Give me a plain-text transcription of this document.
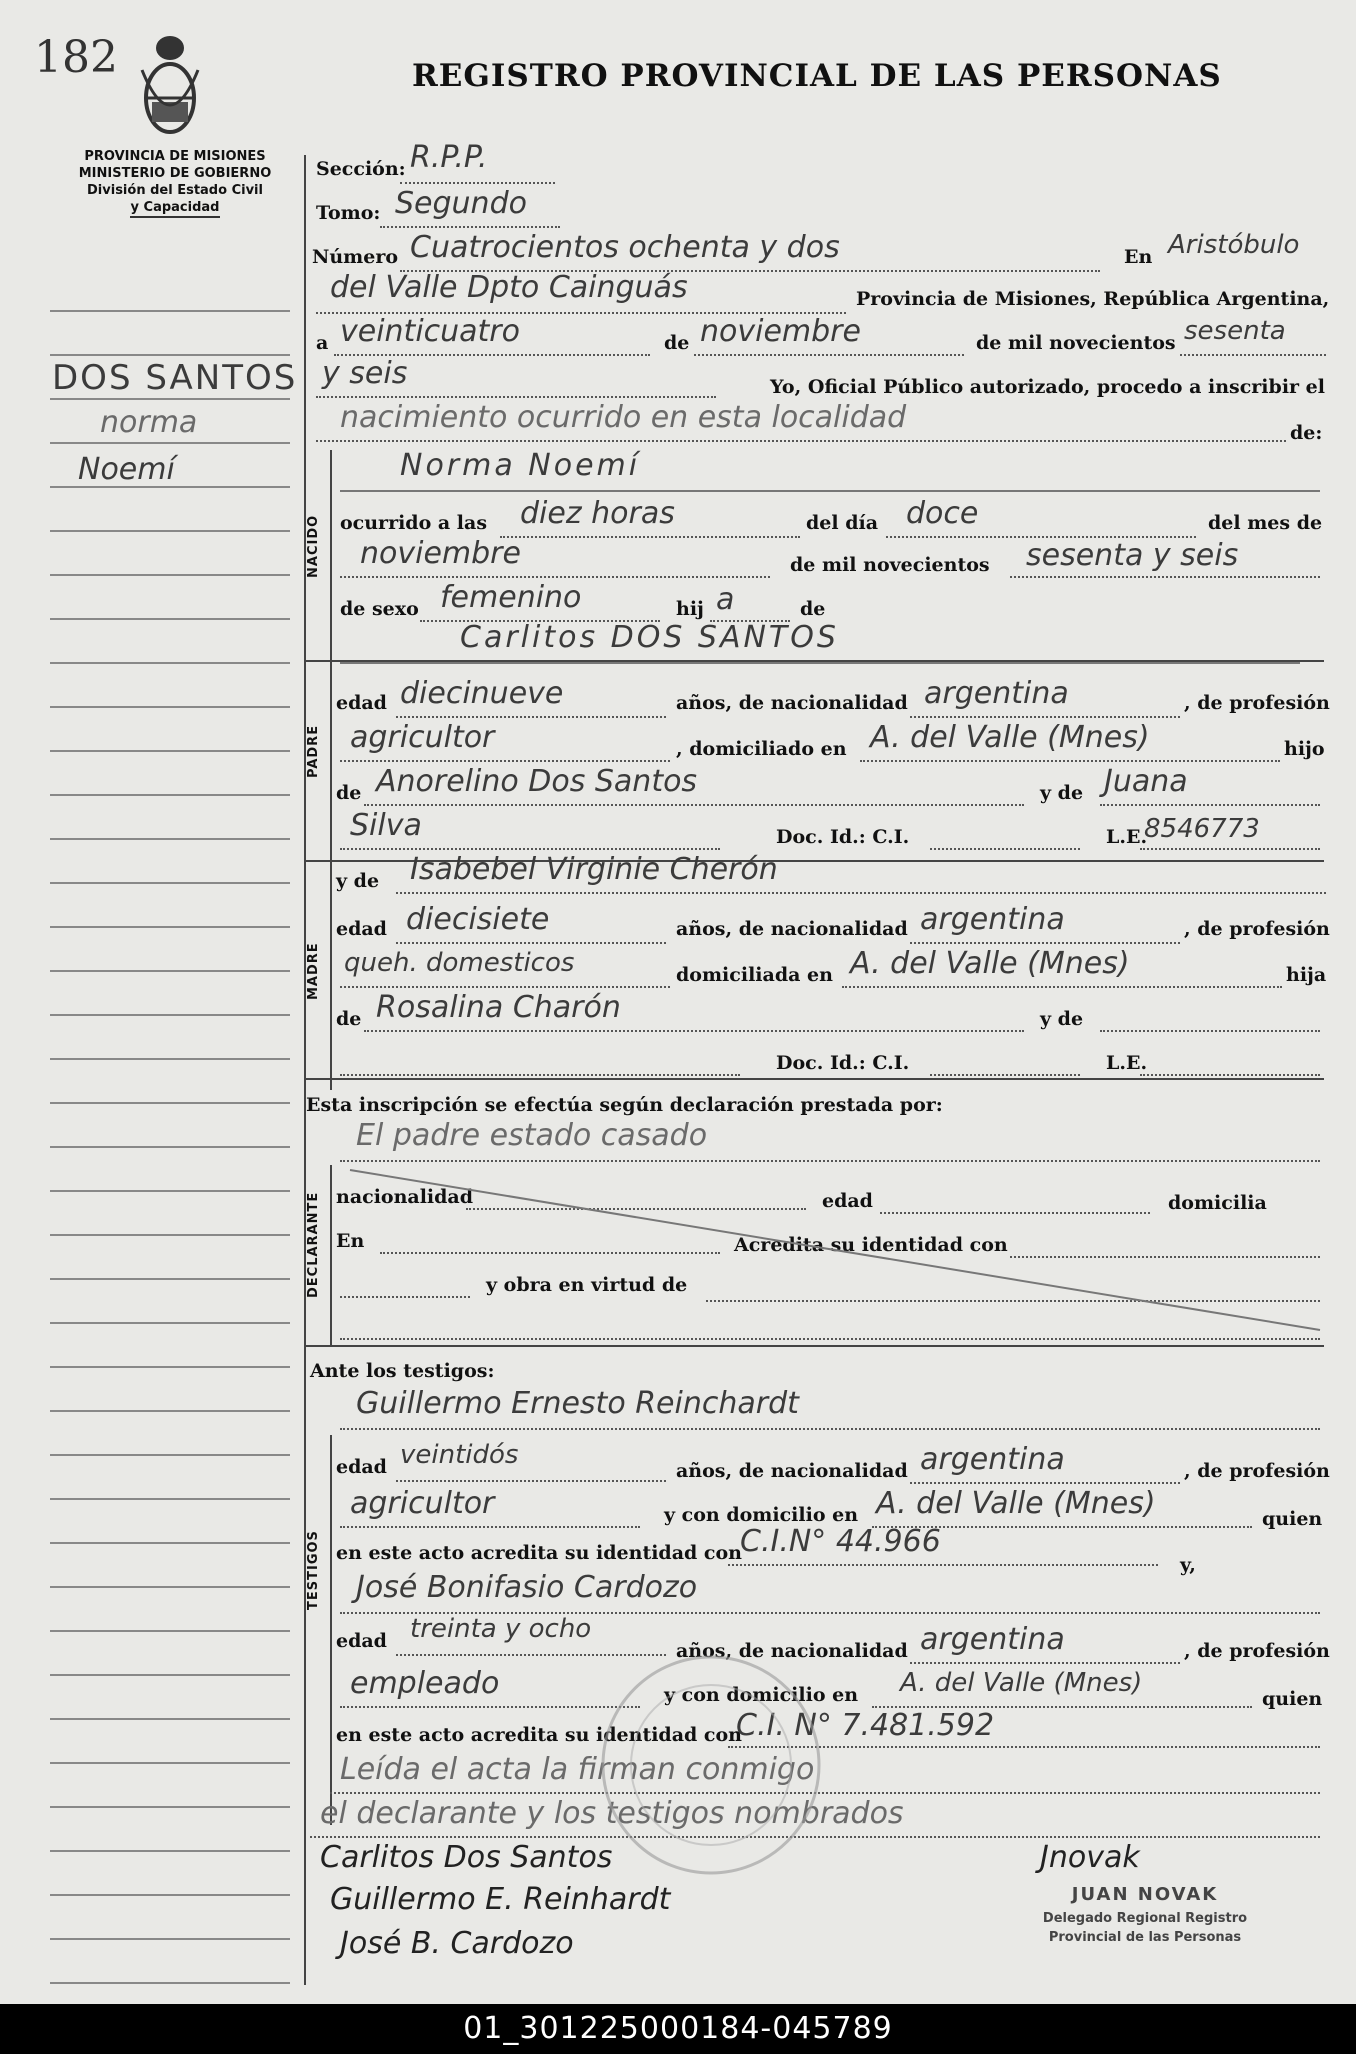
182	REGISTRO PROVINCIAL DE LAS PERSONAS
PROVINCIA DE MISIONES
MINISTERIO DE GOBIERNO
División del Estado Civil
y Capacidad
DOS SANTOS
norma
Noemí
NACIDO
PADRE
MADRE
DECLARANTE
TESTIGOS
Sección: R.P.P.
Tomo: Segundo
Número Cuatrocientos ochenta y dos	En Aristóbulo
del Valle Dpto Cainguás	Provincia de Misiones, República Argentina,
a veinticuatro	de noviembre	de mil novecientos sesenta
y seis	Yo, Oficial Público autorizado, procedo a inscribir el
nacimiento ocurrido en esta localidad	de:
Norma Noemí
ocurrido a las diez horas	del día doce	del mes de
noviembre	de mil novecientos sesenta y seis
de sexo femenino	hij a	de
Carlitos DOS SANTOS
edad diecinueve	años, de nacionalidad argentina	, de profesión
agricultor	, domiciliado en A. del Valle (Mnes)	hijo
de Anorelino Dos Santos	y de Juana
Silva	Doc. Id.: C.I.	L.E.
8546773
y de Isabebel Virginie Cherón
edad diecisiete	años, de nacionalidad argentina	, de profesión
queh. domesticos	domiciliada en A. del Valle (Mnes)	hija
de Rosalina Charón	y de
Doc. Id.: C.I.	L.E.
Esta inscripción se efectúa según declaración prestada por:
El padre estado casado
nacionalidad	edad	domicilia
En	Acredita su identidad con
y obra en virtud de
Ante los testigos:
Guillermo Ernesto Reinchardt
edad veintidós
años, de nacionalidad argentina	, de profesión
agricultor	y con domicilio en A. del Valle (Mnes)	quien
en este acto acredita su identidad con
C.I.N° 44.966
y,
José Bonifasio Cardozo
edad treinta y ocho
años, de nacionalidad argentina	, de profesión
empleado	y con domicilio en A. del Valle (Mnes)
quien
en este acto acredita su identidad con
C.I. N° 7.481.592
Leída el acta la firman conmigo
el declarante y los testigos nombrados
Carlitos Dos Santos
Guillermo E. Reinhardt
José B. Cardozo
Jnovak
JUAN NOVAK
Delegado Regional Registro
Provincial de las Personas
01_301225000184-045789
